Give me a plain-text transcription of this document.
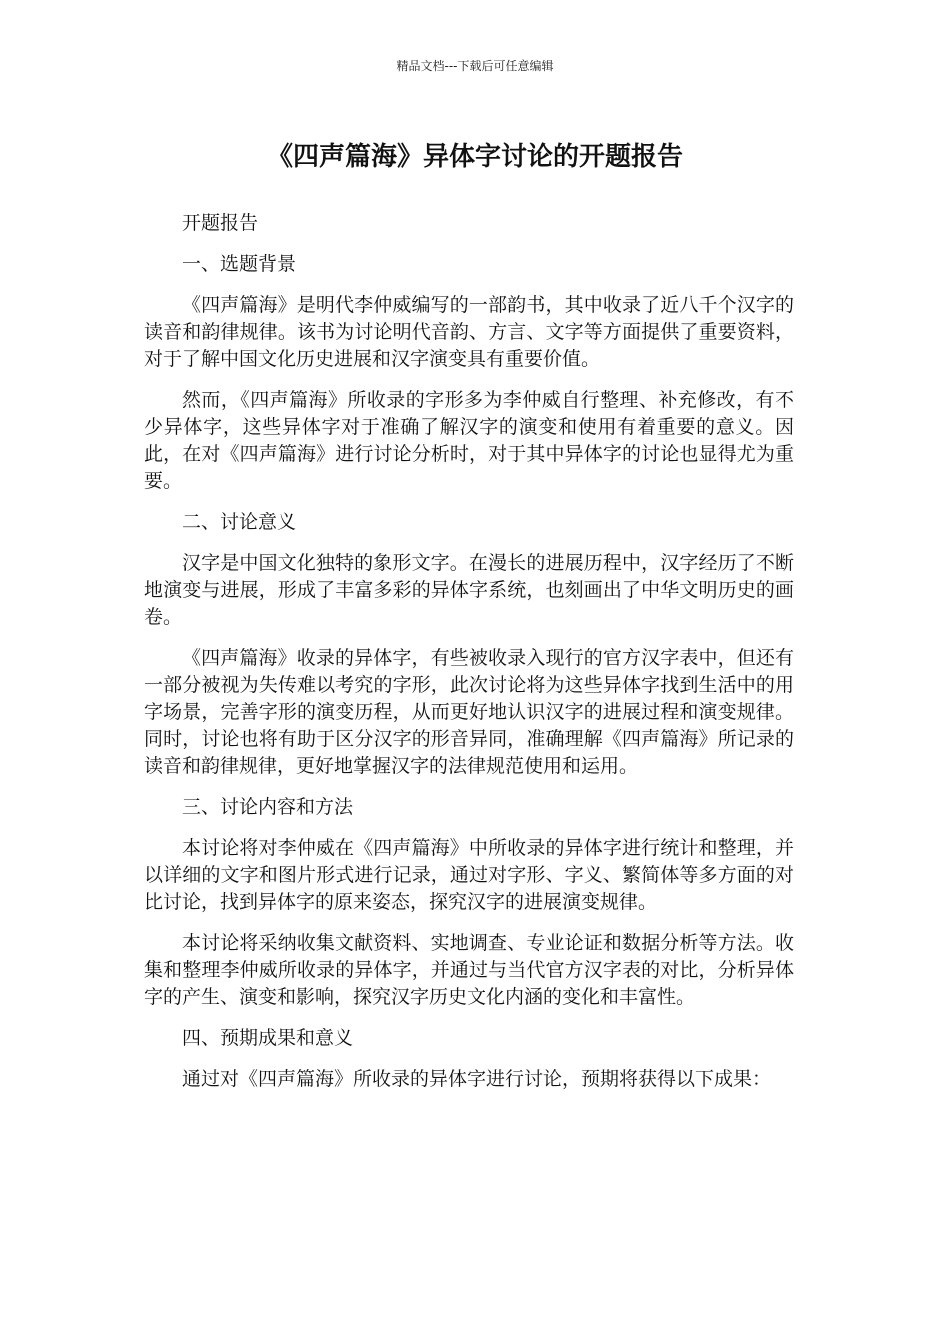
精品文档---下载后可任意编辑
《四声篇海》异体字讨论的开题报告

开题报告

一、选题背景

《四声篇海》是明代李仲威编写的一部韵书，其中收录了近八千个汉字的读音和韵律规律。该书为讨论明代音韵、方言、文字等方面提供了重要资料，对于了解中国文化历史进展和汉字演变具有重要价值。

然而，《四声篇海》所收录的字形多为李仲威自行整理、补充修改，有不少异体字，这些异体字对于准确了解汉字的演变和使用有着重要的意义。因此，在对《四声篇海》进行讨论分析时，对于其中异体字的讨论也显得尤为重要。

二、讨论意义

汉字是中国文化独特的象形文字。在漫长的进展历程中，汉字经历了不断地演变与进展，形成了丰富多彩的异体字系统，也刻画出了中华文明历史的画卷。

《四声篇海》收录的异体字，有些被收录入现行的官方汉字表中，但还有一部分被视为失传难以考究的字形，此次讨论将为这些异体字找到生活中的用字场景，完善字形的演变历程，从而更好地认识汉字的进展过程和演变规律。同时，讨论也将有助于区分汉字的形音异同，准确理解《四声篇海》所记录的读音和韵律规律，更好地掌握汉字的法律规范使用和运用。

三、讨论内容和方法

本讨论将对李仲威在《四声篇海》中所收录的异体字进行统计和整理，并以详细的文字和图片形式进行记录，通过对字形、字义、繁简体等多方面的对比讨论，找到异体字的原来姿态，探究汉字的进展演变规律。

本讨论将采纳收集文献资料、实地调查、专业论证和数据分析等方法。收集和整理李仲威所收录的异体字，并通过与当代官方汉字表的对比，分析异体字的产生、演变和影响，探究汉字历史文化内涵的变化和丰富性。

四、预期成果和意义

通过对《四声篇海》所收录的异体字进行讨论，预期将获得以下成果：
